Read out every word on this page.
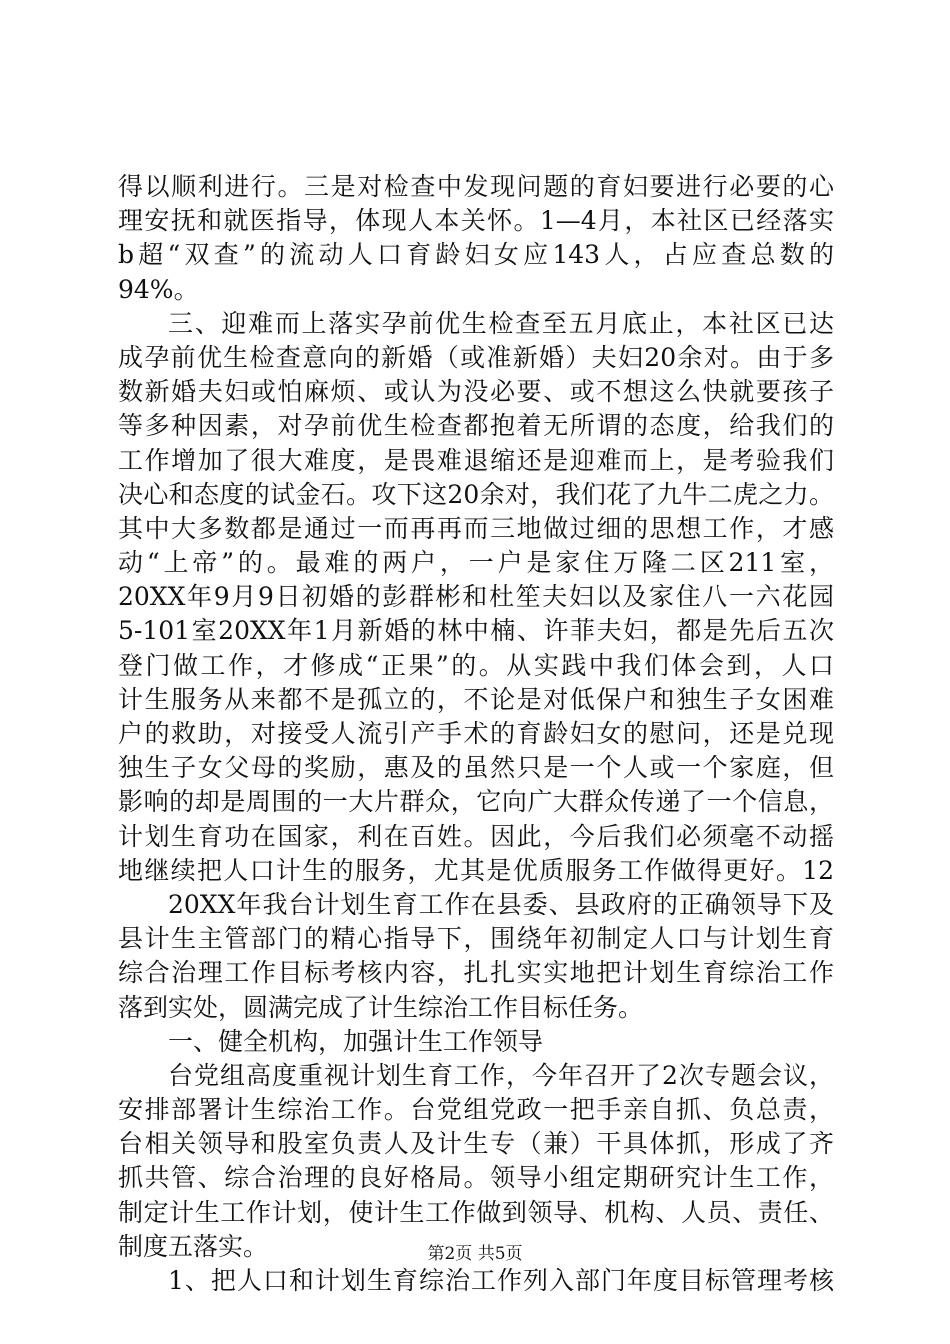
得以顺利进行。三是对检查中发现问题的育妇要进行必要的心
理安抚和就医指导，体现人本关怀。1—4月，本社区已经落实
b超“双查”的流动人口育龄妇女应143人，占应查总数的
94%。
三、迎难而上落实孕前优生检查至五月底止，本社区已达
成孕前优生检查意向的新婚（或准新婚）夫妇20余对。由于多
数新婚夫妇或怕麻烦、或认为没必要、或不想这么快就要孩子
等多种因素，对孕前优生检查都抱着无所谓的态度，给我们的
工作增加了很大难度，是畏难退缩还是迎难而上，是考验我们
决心和态度的试金石。攻下这20余对，我们花了九牛二虎之力。
其中大多数都是通过一而再再而三地做过细的思想工作，才感
动“上帝”的。最难的两户，一户是家住万隆二区211室，
20XX年9月9日初婚的彭群彬和杜笙夫妇以及家住八一六花园
5-101室20XX年1月新婚的林中楠、许菲夫妇，都是先后五次
登门做工作，才修成“正果”的。从实践中我们体会到，人口
计生服务从来都不是孤立的，不论是对低保户和独生子女困难
户的救助，对接受人流引产手术的育龄妇女的慰问，还是兑现
独生子女父母的奖励，惠及的虽然只是一个人或一个家庭，但
影响的却是周围的一大片群众，它向广大群众传递了一个信息，
计划生育功在国家，利在百姓。因此，今后我们必须毫不动摇
地继续把人口计生的服务，尤其是优质服务工作做得更好。12
20XX年我台计划生育工作在县委、县政府的正确领导下及
县计生主管部门的精心指导下，围绕年初制定人口与计划生育
综合治理工作目标考核内容，扎扎实实地把计划生育综治工作
落到实处，圆满完成了计生综治工作目标任务。
一、健全机构，加强计生工作领导
台党组高度重视计划生育工作，今年召开了2次专题会议，
安排部署计生综治工作。台党组党政一把手亲自抓、负总责，
台相关领导和股室负责人及计生专（兼）干具体抓，形成了齐
抓共管、综合治理的良好格局。领导小组定期研究计生工作，
制定计生工作计划，使计生工作做到领导、机构、人员、责任、
制度五落实。
1、把人口和计划生育综治工作列入部门年度目标管理考核
第2页 共5页
